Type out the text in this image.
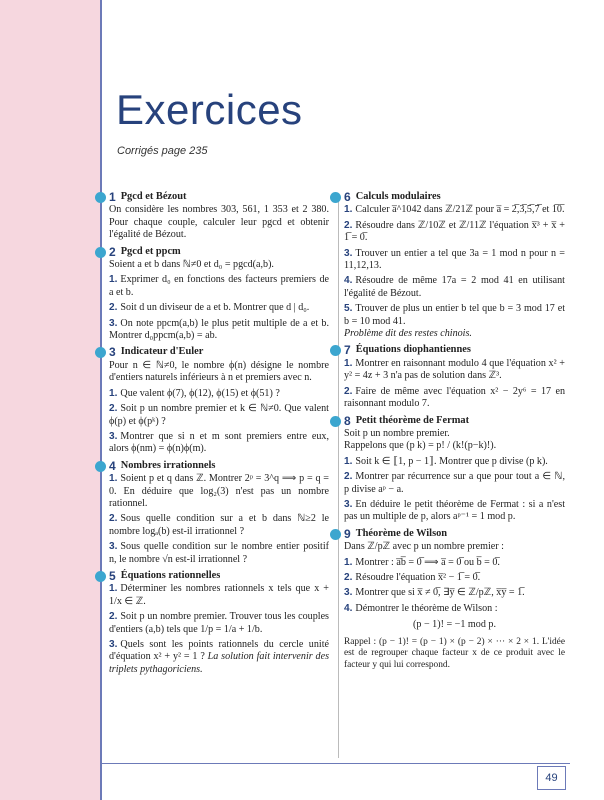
Exercices
Corrigés page 235
1 Pgcd et Bézout

On considère les nombres 303, 561, 1 353 et 2 380. Pour chaque couple, calculer leur pgcd et obtenir l'égalité de Bézout.

2 Pgcd et ppcm

Soient a et b dans ℕ≠0 et d₀ = pgcd(a,b).

1. Exprimer d₀ en fonctions des facteurs premiers de a et b.

2. Soit d un diviseur de a et b. Montrer que d | d₀.

3. On note ppcm(a,b) le plus petit multiple de a et b. Montrer d₀ppcm(a,b) = ab.

3 Indicateur d'Euler

Pour n ∈ ℕ≠0, le nombre ϕ(n) désigne le nombre d'entiers naturels inférieurs à n et premiers avec n.

1. Que valent ϕ(7), ϕ(12), ϕ(15) et ϕ(51) ?

2. Soit p un nombre premier et k ∈ ℕ≠0. Que valent ϕ(p) et ϕ(pᵏ) ?

3. Montrer que si n et m sont premiers entre eux, alors ϕ(nm) = ϕ(n)ϕ(m).

4 Nombres irrationnels

1. Soient p et q dans ℤ. Montrer 2ᵖ = 3^q ⟹ p = q = 0. En déduire que log₂(3) n'est pas un nombre rationnel.

2. Sous quelle condition sur a et b dans ℕ≥2 le nombre logₐ(b) est-il irrationnel ?

3. Sous quelle condition sur le nombre entier positif n, le nombre √n est-il irrationnel ?

5 Équations rationnelles

1. Déterminer les nombres rationnels x tels que x + 1/x ∈ ℤ.

2. Soit p un nombre premier. Trouver tous les couples d'entiers (a,b) tels que 1/p = 1/a + 1/b.

3. Quels sont les points rationnels du cercle unité d'équation x² + y² = 1 ? La solution fait intervenir des triplets pythagoriciens.

6 Calculs modulaires

1. Calculer a̅^1042 dans ℤ/21ℤ pour a̅ = 2̅,3̅,5̅,7̅ et 1̅0̅.

2. Résoudre dans ℤ/10ℤ et ℤ/11ℤ l'équation x̅³ + x̅ + 1̅ = 0̅.

3. Trouver un entier a tel que 3a = 1 mod n pour n = 11,12,13.

4. Résoudre de même 17a = 2 mod 41 en utilisant l'égalité de Bézout.

5. Trouver de plus un entier b tel que b = 3 mod 17 et b = 10 mod 41.
Problème dit des restes chinois.

7 Équations diophantiennes

1. Montrer en raisonnant modulo 4 que l'équation x² + y² = 4z + 3 n'a pas de solution dans ℤ³.

2. Faire de même avec l'équation x² − 2y⁶ = 17 en raisonnant modulo 7.

8 Petit théorème de Fermat

Soit p un nombre premier.

Rappelons que (p k) = p! / (k!(p−k)!).

1. Soit k ∈ ⟦1, p − 1⟧. Montrer que p divise (p k).

2. Montrer par récurrence sur a que pour tout a ∈ ℕ, p divise aᵖ − a.

3. En déduire le petit théorème de Fermat : si a n'est pas un multiple de p, alors aᵖ⁻¹ = 1 mod p.

9 Théorème de Wilson

Dans ℤ/pℤ avec p un nombre premier :

1. Montrer : a̅b̅ = 0̅ ⟹ a̅ = 0̅ ou b̅ = 0̅.

2. Résoudre l'équation x̅² − 1̅ = 0̅.

3. Montrer que si x̅ ≠ 0̅, ∃y̅ ∈ ℤ/pℤ, x̅y̅ = 1̅.

4. Démontrer le théorème de Wilson :

(p − 1)! = −1 mod p.

Rappel : (p − 1)! = (p − 1) × (p − 2) × ··· × 2 × 1. L'idée est de regrouper chaque facteur x de ce produit avec le facteur y qui lui correspond.

49
